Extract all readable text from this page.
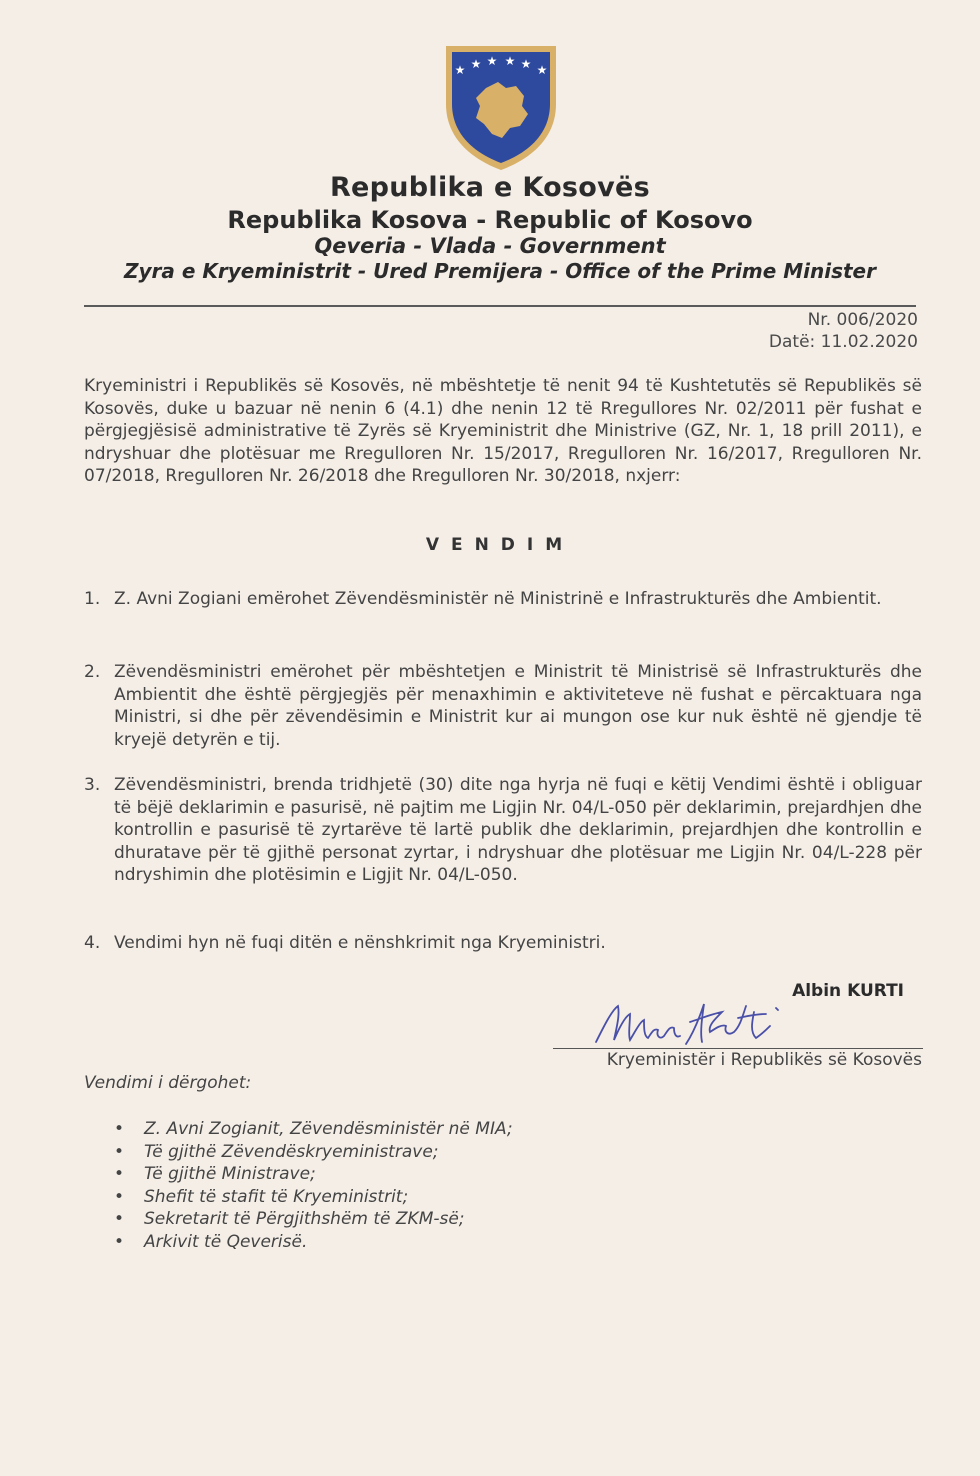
★ ★ ★ ★ ★ ★
Republika e Kosovës
Republika Kosova - Republic of Kosovo
Qeveria - Vlada - Government
Zyra e Kryeministrit - Ured Premijera - Office of the Prime Minister
Nr. 006/2020
Datë: 11.02.2020
Kryeministri i Republikës së Kosovës, në mbështetje të nenit 94 të Kushtetutës së Republikës së Kosovës, duke u bazuar në nenin 6 (4.1) dhe nenin 12 të Rregullores Nr. 02/2011 për fushat e përgjegjësisë administrative të Zyrës së Kryeministrit dhe Ministrive (GZ, Nr. 1, 18 prill 2011), e ndryshuar dhe plotësuar me Rregulloren Nr. 15/2017, Rregulloren Nr. 16/2017, Rregulloren Nr. 07/2018, Rregulloren Nr. 26/2018 dhe Rregulloren Nr. 30/2018, nxjerr:
VENDIM
1. Z. Avni Zogiani emërohet Zëvendësministër në Ministrinë e Infrastrukturës dhe Ambientit.
2. Zëvendësministri emërohet për mbështetjen e Ministrit të Ministrisë së Infrastrukturës dhe Ambientit dhe është përgjegjës për menaxhimin e aktiviteteve në fushat e përcaktuara nga Ministri, si dhe për zëvendësimin e Ministrit kur ai mungon ose kur nuk është në gjendje të kryejë detyrën e tij.
3. Zëvendësministri, brenda tridhjetë (30) dite nga hyrja në fuqi e këtij Vendimi është i obliguar të bëjë deklarimin e pasurisë, në pajtim me Ligjin Nr. 04/L-050 për deklarimin, prejardhjen dhe kontrollin e pasurisë të zyrtarëve të lartë publik dhe deklarimin, prejardhjen dhe kontrollin e dhuratave për të gjithë personat zyrtar, i ndryshuar dhe plotësuar me Ligjin Nr. 04/L-228 për ndryshimin dhe plotësimin e Ligjit Nr. 04/L-050.
4. Vendimi hyn në fuqi ditën e nënshkrimit nga Kryeministri.
Albin KURTI
Kryeministër i Republikës së Kosovës
Vendimi i dërgohet:
• Z. Avni Zogianit, Zëvendësministër në MIA;
• Të gjithë Zëvendëskryeministrave;
• Të gjithë Ministrave;
• Shefit të stafit të Kryeministrit;
• Sekretarit të Përgjithshëm të ZKM-së;
• Arkivit të Qeverisë.
